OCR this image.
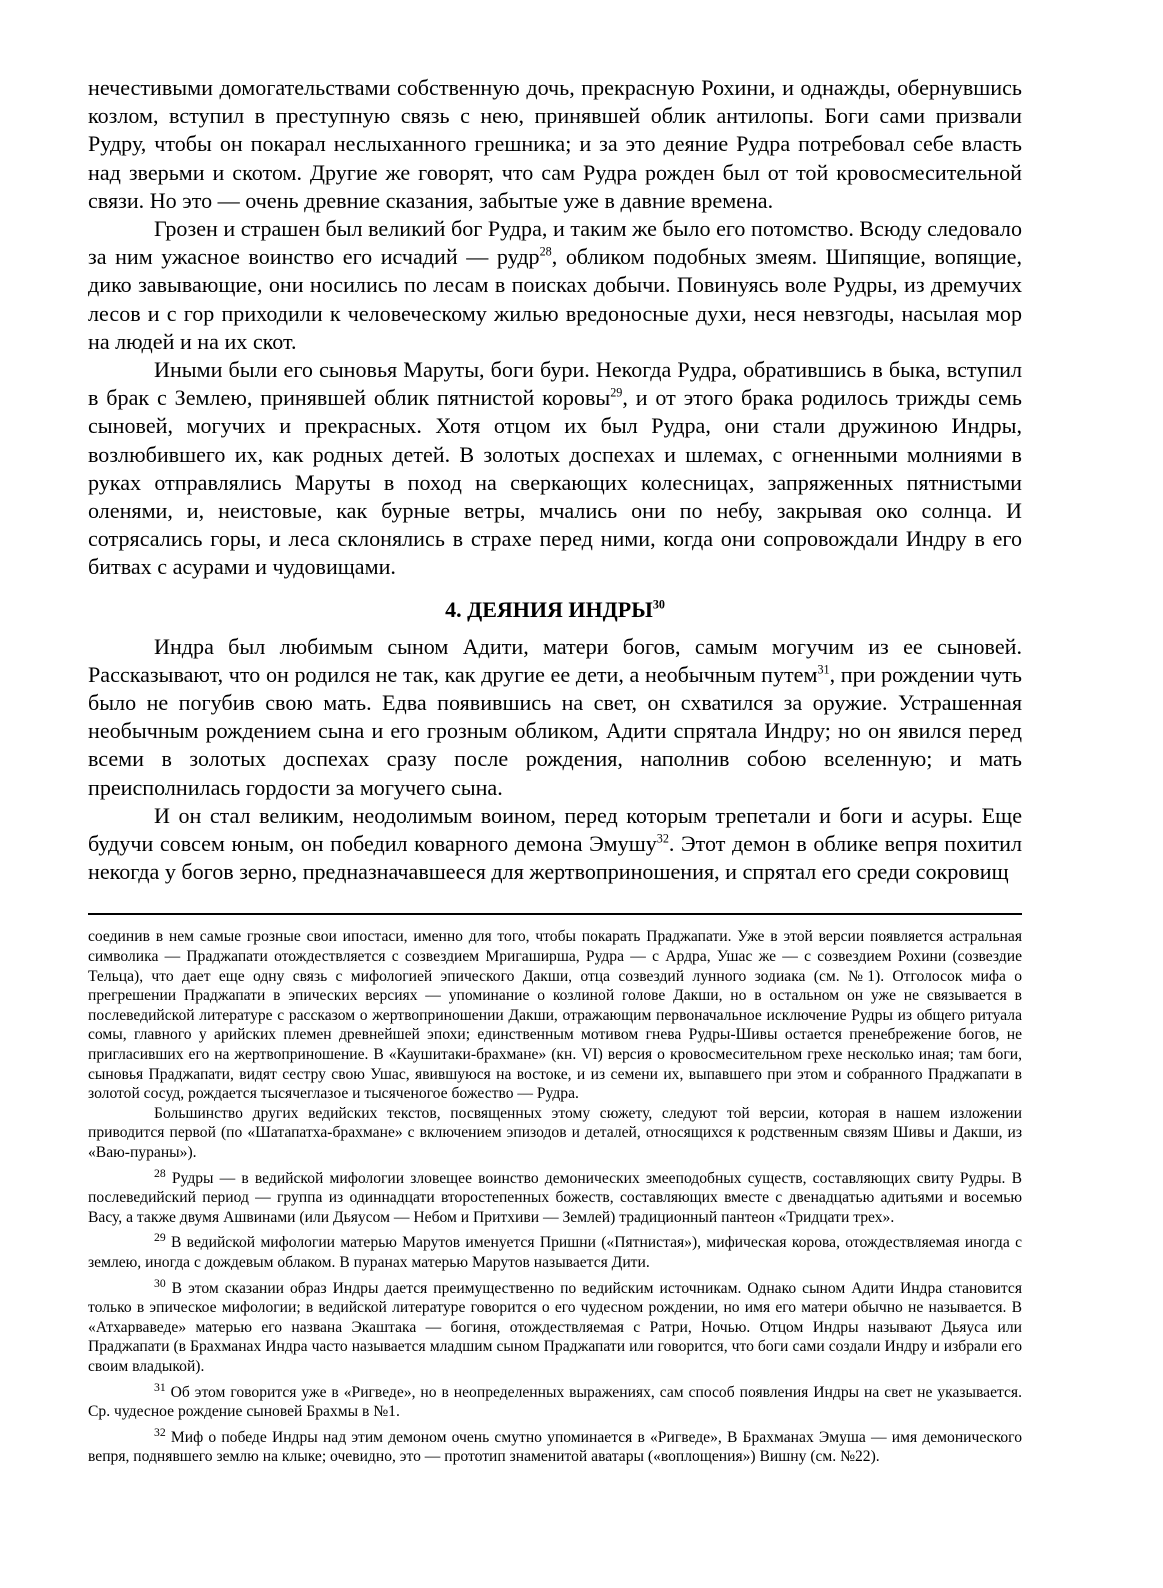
нечестивыми домогательствами собственную дочь, прекрасную Рохини, и однажды, обернувшись козлом, вступил в преступную связь с нею, принявшей облик антилопы. Боги сами призвали Рудру, чтобы он покарал неслыханного грешника; и за это деяние Рудра потребовал себе власть над зверьми и скотом. Другие же говорят, что сам Рудра рожден был от той кровосмесительной связи. Но это — очень древние сказания, забытые уже в давние времена.

Грозен и страшен был великий бог Рудра, и таким же было его потомство. Всюду следовало за ним ужасное воинство его исчадий — рудр$^{28}$, обликом подобных змеям. Шипящие, вопящие, дико завывающие, они носились по лесам в поисках добычи. Повинуясь воле Рудры, из дремучих лесов и с гор приходили к человеческому жилью вредоносные духи, неся невзгоды, насылая мор на людей и на их скот.

Иными были его сыновья Маруты, боги бури. Некогда Рудра, обратившись в быка, вступил в брак с Землею, принявшей облик пятнистой коровы$^{29}$, и от этого брака родилось трижды семь сыновей, могучих и прекрасных. Хотя отцом их был Рудра, они стали дружиною Индры, возлюбившего их, как родных детей. В золотых доспехах и шлемах, с огненными молниями в руках отправлялись Маруты в поход на сверкающих колесницах, запряженных пятнистыми оленями, и, неистовые, как бурные ветры, мчались они по небу, закрывая око солнца. И сотрясались горы, и леса склонялись в страхе перед ними, когда они сопровождали Индру в его битвах с асурами и чудовищами.

4. ДЕЯНИЯ ИНДРЫ$^{30}$

Индра был любимым сыном Адити, матери богов, самым могучим из ее сыновей. Рассказывают, что он родился не так, как другие ее дети, а необычным путем$^{31}$, при рождении чуть было не погубив свою мать. Едва появившись на свет, он схватился за оружие. Устрашенная необычным рождением сына и его грозным обликом, Адити спрятала Индру; но он явился перед всеми в золотых доспехах сразу после рождения, наполнив собою вселенную; и мать преисполнилась гордости за могучего сына.

И он стал великим, неодолимым воином, перед которым трепетали и боги и асуры. Еще будучи совсем юным, он победил коварного демона Эмушу$^{32}$. Этот демон в облике вепря похитил некогда у богов зерно, предназначавшееся для жертвоприношения, и спрятал его среди сокровищ

соединив в нем самые грозные свои ипостаси, именно для того, чтобы покарать Праджапати. Уже в этой версии появляется астральная символика — Праджапати отождествляется с созвездием Мригаширша, Рудра — с Ардра, Ушас же — с созвездием Рохини (созвездие Тельца), что дает еще одну связь с мифологией эпического Дакши, отца созвездий лунного зодиака (см. №1). Отголосок мифа о прегрешении Праджапати в эпических версиях — упоминание о козлиной голове Дакши, но в остальном он уже не связывается в послеведийской литературе с рассказом о жертвоприношении Дакши, отражающим первоначальное исключение Рудры из общего ритуала сомы, главного у арийских племен древнейшей эпохи; единственным мотивом гнева Рудры-Шивы остается пренебрежение богов, не пригласивших его на жертвоприношение. В «Каушитаки-брахмане» (кн. VI) версия о кровосмесительном грехе несколько иная; там боги, сыновья Праджапати, видят сестру свою Ушас, явившуюся на востоке, и из семени их, выпавшего при этом и собранного Праджапати в золотой сосуд, рождается тысячеглазое и тысяченогое божество — Рудра.

Большинство других ведийских текстов, посвященных этому сюжету, следуют той версии, которая в нашем изложении приводится первой (по «Шатапатха-брахмане» с включением эпизодов и деталей, относящихся к родственным связям Шивы и Дакши, из «Ваю-пураны»).

$^{28}$ Рудры — в ведийской мифологии зловещее воинство демонических змееподобных существ, составляющих свиту Рудры. В послеведийский период — группа из одиннадцати второстепенных божеств, составляющих вместе с двенадцатью адитьями и восемью Васу, а также двумя Ашвинами (или Дьяусом — Небом и Притхиви — Землей) традиционный пантеон «Тридцати трех».

$^{29}$ В ведийской мифологии матерью Марутов именуется Пришни («Пятнистая»), мифическая корова, отождествляемая иногда с землею, иногда с дождевым облаком. В пуранах матерью Марутов называется Дити.

$^{30}$ В этом сказании образ Индры дается преимущественно по ведийским источникам. Однако сыном Адити Индра становится только в эпическое мифологии; в ведийской литературе говорится о его чудесном рождении, но имя его матери обычно не называется. В «Атхарваведе» матерью его названа Экаштака — богиня, отождествляемая с Ратри, Ночью. Отцом Индры называют Дьяуса или Праджапати (в Брахманах Индра часто называется младшим сыном Праджапати или говорится, что боги сами создали Индру и избрали его своим владыкой).

$^{31}$ Об этом говорится уже в «Ригведе», но в неопределенных выражениях, сам способ появления Индры на свет не указывается. Ср. чудесное рождение сыновей Брахмы в №1.

$^{32}$ Миф о победе Индры над этим демоном очень смутно упоминается в «Ригведе», В Брахманах Эмуша — имя демонического вепря, поднявшего землю на клыке; очевидно, это — прототип знаменитой аватары («воплощения») Вишну (см. №22).
